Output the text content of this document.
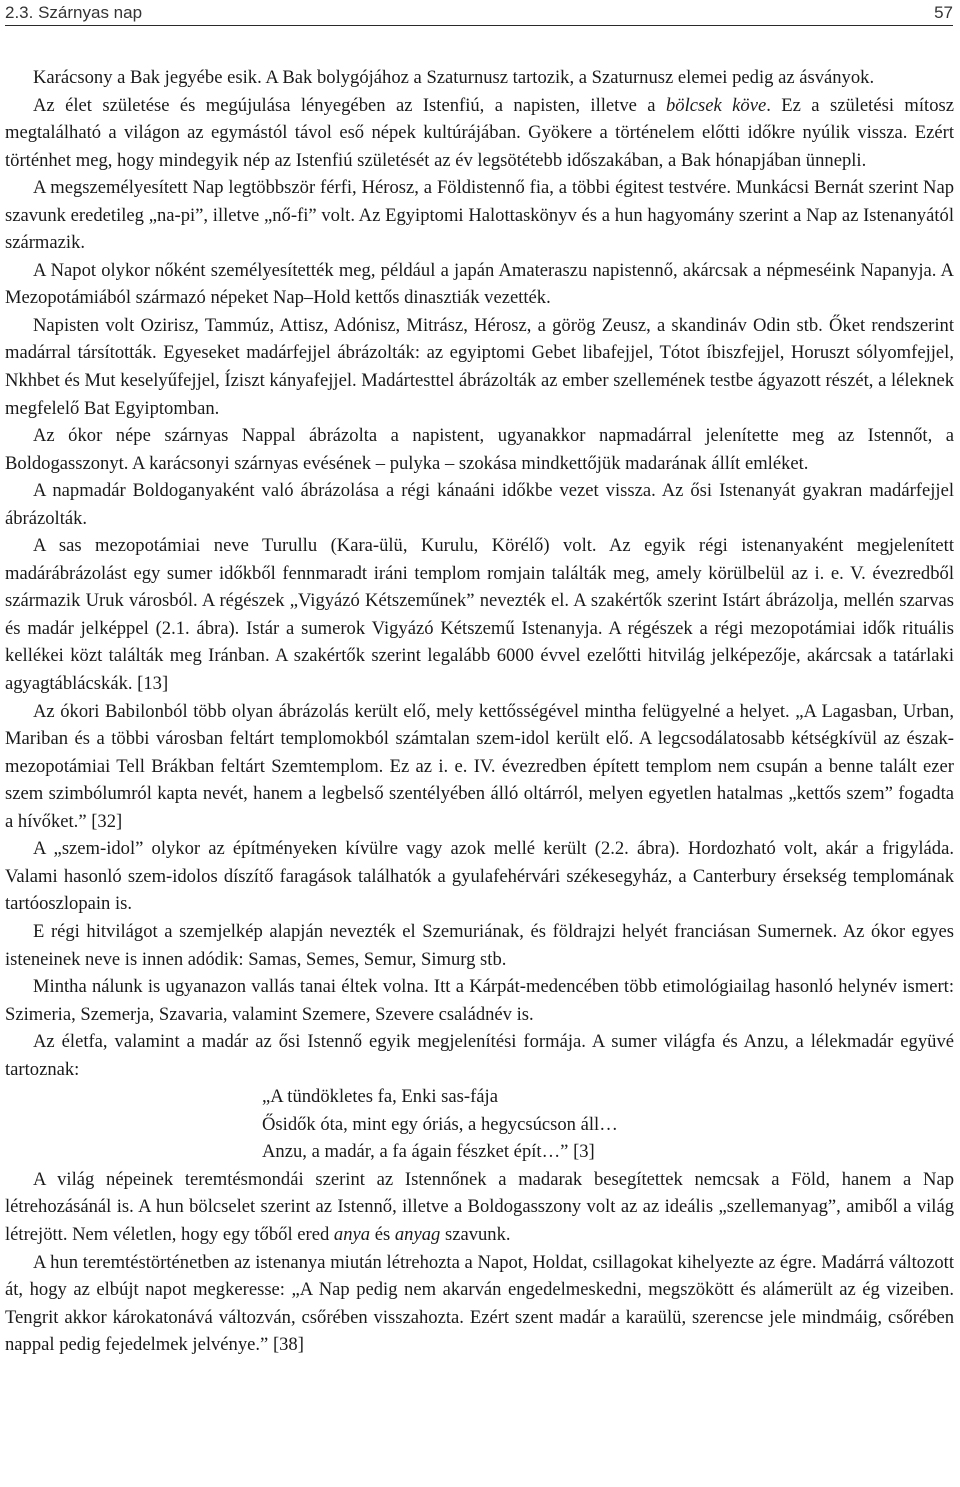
2.3. Szárnyas nap	57

Karácsony a Bak jegyébe esik. A Bak bolygójához a Szaturnusz tartozik, a Szaturnusz elemei pedig az ásványok.

Az élet születése és megújulása lényegében az Istenfiú, a napisten, illetve a bölcsek köve. Ez a születési mítosz megtalálható a világon az egymástól távol eső népek kultúrájában. Gyökere a történelem előtti időkre nyúlik vissza. Ezért történhet meg, hogy mindegyik nép az Istenfiú születését az év legsötétebb időszakában, a Bak hónapjában ünnepli.

A megszemélyesített Nap legtöbbször férfi, Hérosz, a Földistennő fia, a többi égitest testvére. Munkácsi Bernát szerint Nap szavunk eredetileg „na-pi”, illetve „nő-fi” volt. Az Egyiptomi Halottaskönyv és a hun hagyomány szerint a Nap az Istenanyától származik.

A Napot olykor nőként személyesítették meg, például a japán Amateraszu napistennő, akárcsak a népmeséink Napanyja. A Mezopotámiából származó népeket Nap–Hold kettős dinasztiák vezették.

Napisten volt Ozirisz, Tammúz, Attisz, Adónisz, Mitrász, Hérosz, a görög Zeusz, a skandináv Odin stb. Őket rendszerint madárral társították. Egyeseket madárfejjel ábrázolták: az egyiptomi Gebet libafejjel, Tótot íbiszfejjel, Horuszt sólyomfejjel, Nkhbet és Mut keselyűfejjel, Íziszt kányafejjel. Madártesttel ábrázolták az ember szellemének testbe ágyazott részét, a léleknek megfelelő Bat Egyiptomban.

Az ókor népe szárnyas Nappal ábrázolta a napistent, ugyanakkor napmadárral jelenítette meg az Istennőt, a Boldogasszonyt. A karácsonyi szárnyas evésének – pulyka – szokása mindkettőjük madarának állít emléket.

A napmadár Boldoganyaként való ábrázolása a régi kánaáni időkbe vezet vissza. Az ősi Istenanyát gyakran madárfejjel ábrázolták.

A sas mezopotámiai neve Turullu (Kara-ülü, Kurulu, Körélő) volt. Az egyik régi istenanyaként megjelenített madárábrázolást egy sumer időkből fennmaradt iráni templom romjain találták meg, amely körülbelül az i. e. V. évezredből származik Uruk városból. A régészek „Vigyázó Kétszeműnek” nevezték el. A szakértők szerint Istárt ábrázolja, mellén szarvas és madár jelképpel (2.1. ábra). Istár a sumerok Vigyázó Kétszemű Istenanyja. A régészek a régi mezopotámiai idők rituális kellékei közt találták meg Iránban. A szakértők szerint legalább 6000 évvel ezelőtti hitvilág jelképezője, akárcsak a tatárlaki agyagtáblácskák. [13]

Az ókori Babilonból több olyan ábrázolás került elő, mely kettősségével mintha felügyelné a helyet. „A Lagasban, Urban, Mariban és a többi városban feltárt templomokból számtalan szem-idol került elő. A legcsodálatosabb kétségkívül az észak-mezopotámiai Tell Brákban feltárt Szemtemplom. Ez az i. e. IV. évezredben épített templom nem csupán a benne talált ezer szem szimbólumról kapta nevét, hanem a legbelső szentélyében álló oltárról, melyen egyetlen hatalmas „kettős szem” fogadta a hívőket.” [32]

A „szem-idol” olykor az építményeken kívülre vagy azok mellé került (2.2. ábra). Hordozható volt, akár a frigyláda. Valami hasonló szem-idolos díszítő faragások találhatók a gyulafehérvári székesegyház, a Canterbury érsekség templomának tartóoszlopain is.

E régi hitvilágot a szemjelkép alapján nevezték el Szemuriának, és földrajzi helyét franciásan Sumernek. Az ókor egyes isteneinek neve is innen adódik: Samas, Semes, Semur, Simurg stb.

Mintha nálunk is ugyanazon vallás tanai éltek volna. Itt a Kárpát-medencében több etimológiailag hasonló helynév ismert: Szimeria, Szemerja, Szavaria, valamint Szemere, Szevere családnév is.

Az életfa, valamint a madár az ősi Istennő egyik megjelenítési formája. A sumer világfa és Anzu, a lélekmadár együvé tartoznak:

„A tündökletes fa, Enki sas-fája
Ősidők óta, mint egy óriás, a hegycsúcson áll…
Anzu, a madár, a fa ágain fészket épít…” [3]

A világ népeinek teremtésmondái szerint az Istennőnek a madarak besegítettek nemcsak a Föld, hanem a Nap létrehozásánál is. A hun bölcselet szerint az Istennő, illetve a Boldogasszony volt az az ideális „szellemanyag”, amiből a világ létrejött. Nem véletlen, hogy egy tőből ered anya és anyag szavunk.

A hun teremtéstörténetben az istenanya miután létrehozta a Napot, Holdat, csillagokat kihelyezte az égre. Madárrá változott át, hogy az elbújt napot megkeresse: „A Nap pedig nem akarván engedelmeskedni, megszökött és alámerült az ég vizeiben. Tengrit akkor károkatonává változván, csőrében visszahozta. Ezért szent madár a karaülü, szerencse jele mindmáig, csőrében nappal pedig fejedelmek jelvénye.” [38]
